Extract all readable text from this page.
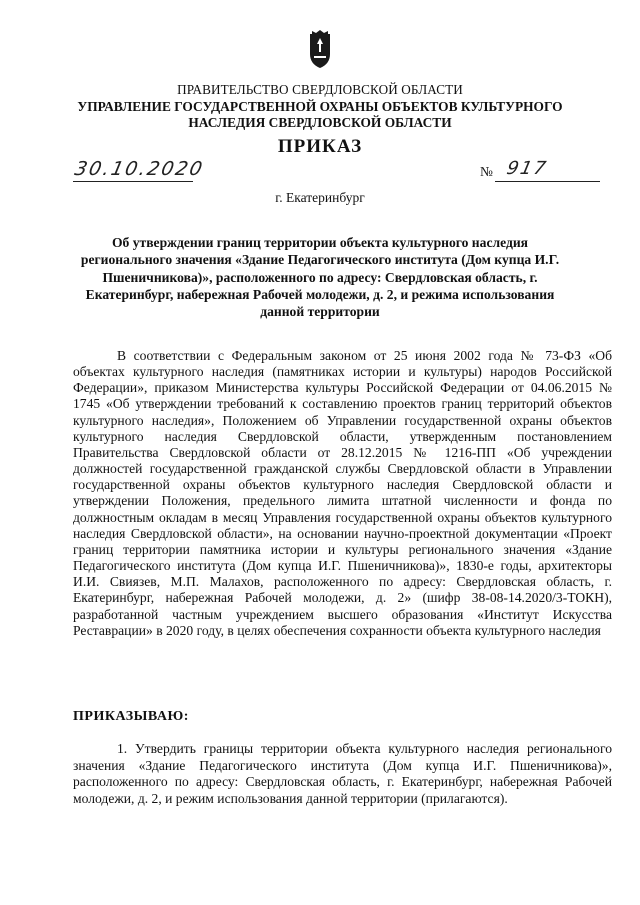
ПРАВИТЕЛЬСТВО СВЕРДЛОВСКОЙ ОБЛАСТИ
УПРАВЛЕНИЕ ГОСУДАРСТВЕННОЙ ОХРАНЫ ОБЪЕКТОВ КУЛЬТУРНОГО НАСЛЕДИЯ СВЕРДЛОВСКОЙ ОБЛАСТИ
ПРИКАЗ
30.10.2020	№ 917
г. Екатеринбург
Об утверждении границ территории объекта культурного наследия регионального значения «Здание Педагогического института (Дом купца И.Г. Пшеничникова)», расположенного по адресу: Свердловская область, г. Екатеринбург, набережная Рабочей молодежи, д. 2, и режима использования данной территории

В соответствии с Федеральным законом от 25 июня 2002 года № 73-ФЗ «Об объектах культурного наследия (памятниках истории и культуры) народов Российской Федерации», приказом Министерства культуры Российской Федерации от 04.06.2015 № 1745 «Об утверждении требований к составлению проектов границ территорий объектов культурного наследия», Положением об Управлении государственной охраны объектов культурного наследия Свердловской области, утвержденным постановлением Правительства Свердловской области от 28.12.2015 № 1216-ПП «Об учреждении должностей государственной гражданской службы Свердловской области в Управлении государственной охраны объектов культурного наследия Свердловской области и утверждении Положения, предельного лимита штатной численности и фонда по должностным окладам в месяц Управления государственной охраны объектов культурного наследия Свердловской области», на основании научно-проектной документации «Проект границ территории памятника истории и культуры регионального значения «Здание Педагогического института (Дом купца И.Г. Пшеничникова)», 1830-е годы, архитекторы И.И. Свиязев, М.П. Малахов, расположенного по адресу: Свердловская область, г. Екатеринбург, набережная Рабочей молодежи, д. 2» (шифр 38-08-14.2020/3-ТОКН), разработанной частным учреждением высшего образования «Институт Искусства Реставрации» в 2020 году, в целях обеспечения сохранности объекта культурного наследия

ПРИКАЗЫВАЮ:

1. Утвердить границы территории объекта культурного наследия регионального значения «Здание Педагогического института (Дом купца И.Г. Пшеничникова)», расположенного по адресу: Свердловская область, г. Екатеринбург, набережная Рабочей молодежи, д. 2, и режим использования данной территории (прилагаются).
